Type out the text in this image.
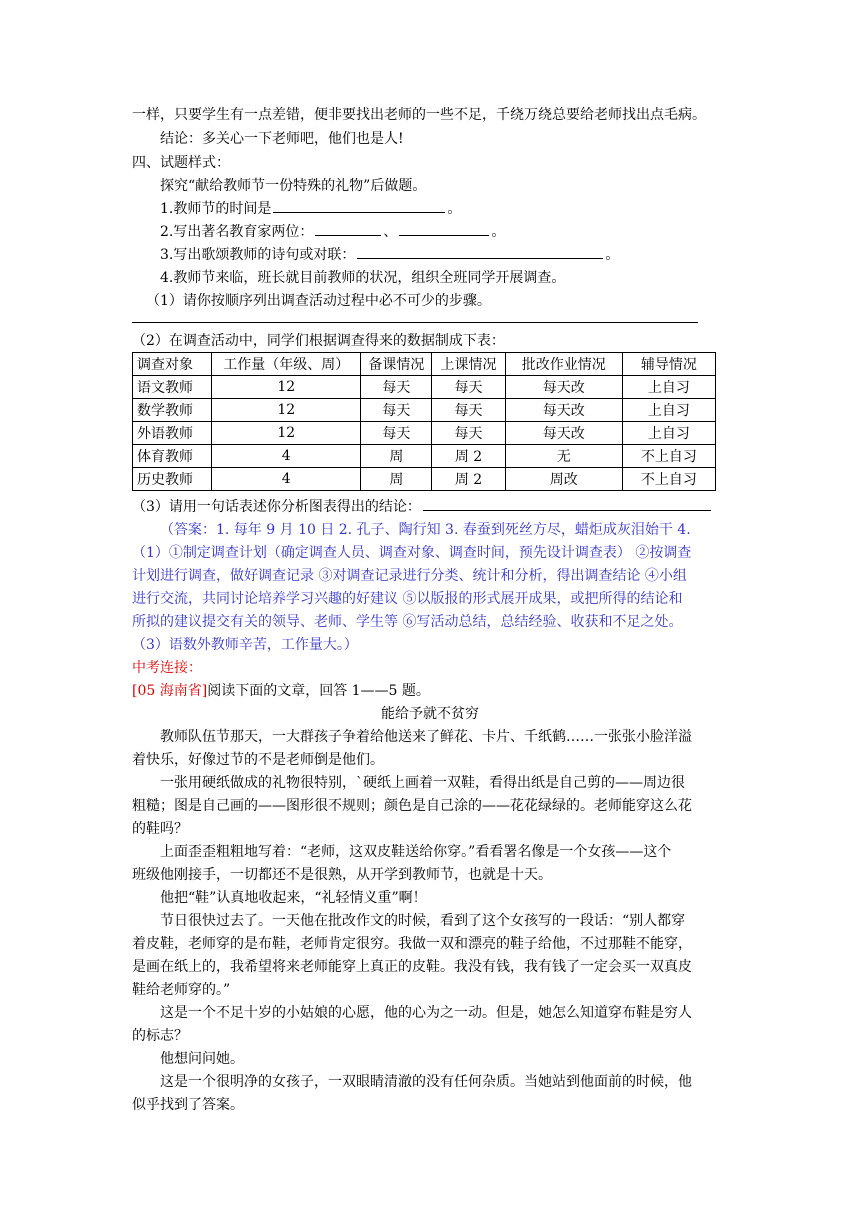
一样，只要学生有一点差错，便非要找出老师的一些不足，千绕万绕总要给老师找出点毛病。
结论：多关心一下老师吧，他们也是人!
四、试题样式：
探究“献给教师节一份特殊的礼物”后做题。
1.教师节的时间是	。
2.写出著名教育家两位：	、	。
3.写出歌颂教师的诗句或对联：	。
4.教师节来临，班长就目前教师的状况，组织全班同学开展调查。
（1）请你按顺序列出调查活动过程中必不可少的步骤。
（2）在调查活动中，同学们根据调查得来的数据制成下表：
调查对象	工作量（年级、周）	备课情况	上课情况	批改作业情况	辅导情况
语文教师	12	每天	每天	每天改	上自习
数学教师	12	每天	每天	每天改	上自习
外语教师	12	每天	每天	每天改	上自习
体育教师	4	周	周 2	无	不上自习
历史教师	4	周	周 2	周改	不上自习
（3）请用一句话表述你分析图表得出的结论：
（答案：1. 每年 9 月 10 日 2. 孔子、陶行知 3. 春蚕到死丝方尽，蜡炬成灰泪始干 4.
（1）①制定调查计划（确定调查人员、调查对象、调查时间，预先设计调查表） ②按调查
计划进行调查，做好调查记录 ③对调查记录进行分类、统计和分析，得出调查结论 ④小组
进行交流，共同讨论培养学习兴趣的好建议 ⑤以版报的形式展开成果，或把所得的结论和
所拟的建议提交有关的领导、老师、学生等 ⑥写活动总结，总结经验、收获和不足之处。
（3）语数外教师辛苦，工作量大。）
中考连接：
[05 海南省]阅读下面的文章，回答 1——5 题。
能给予就不贫穷
教师队伍节那天，一大群孩子争着给他送来了鲜花、卡片、千纸鹤……一张张小脸洋溢
着快乐，好像过节的不是老师倒是他们。
一张用硬纸做成的礼物很特别，`硬纸上画着一双鞋，看得出纸是自己剪的——周边很
粗糙；图是自己画的——图形很不规则；颜色是自己涂的——花花绿绿的。老师能穿这么花
的鞋吗？
上面歪歪粗粗地写着：“老师，这双皮鞋送给你穿。”看看署名像是一个女孩——这个
班级他刚接手，一切都还不是很熟，从开学到教师节，也就是十天。
他把“鞋”认真地收起来，“礼轻情义重”啊！
节日很快过去了。一天他在批改作文的时候，看到了这个女孩写的一段话：“别人都穿
着皮鞋，老师穿的是布鞋，老师肯定很穷。我做一双和漂亮的鞋子给他，不过那鞋不能穿，
是画在纸上的，我希望将来老师能穿上真正的皮鞋。我没有钱，我有钱了一定会买一双真皮
鞋给老师穿的。”
这是一个不足十岁的小姑娘的心愿，他的心为之一动。但是，她怎么知道穿布鞋是穷人
的标志？
他想问问她。
这是一个很明净的女孩子，一双眼睛清澈的没有任何杂质。当她站到他面前的时候，他
似乎找到了答案。
